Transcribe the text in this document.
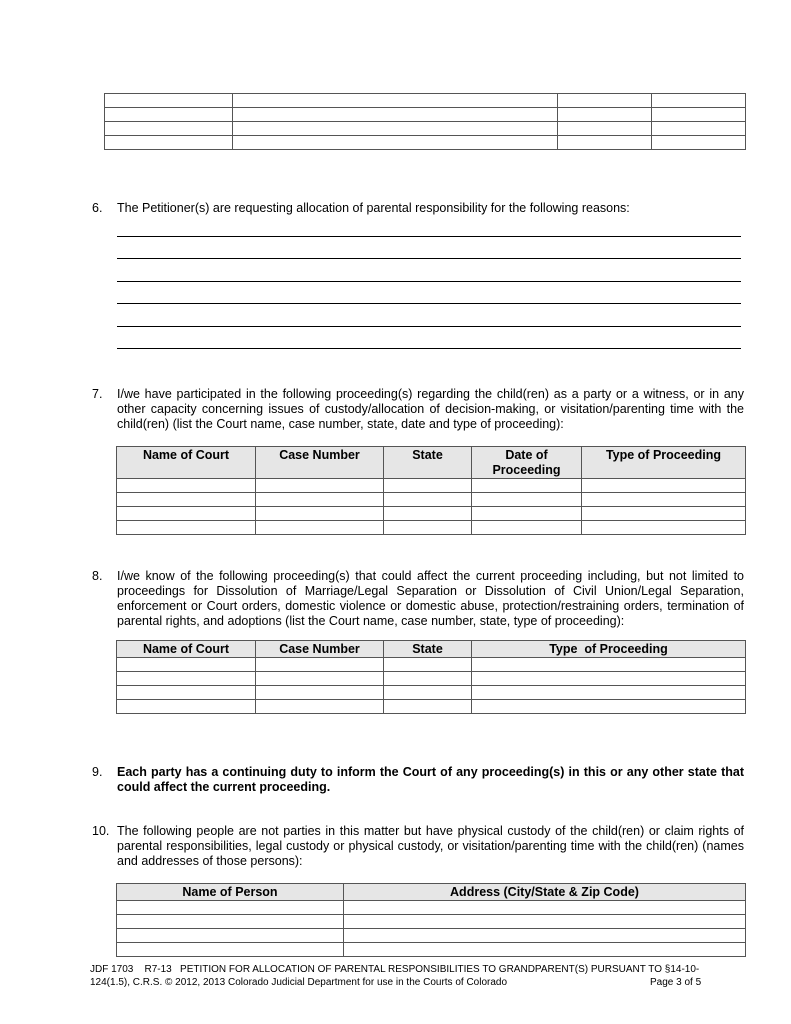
6. The Petitioner(s) are requesting allocation of parental responsibility for the following reasons:
7. I/we have participated in the following proceeding(s) regarding the child(ren) as a party or a witness, or in any other capacity concerning issues of custody/allocation of decision-making, or visitation/parenting time with the child(ren) (list the Court name, case number, state, date and type of proceeding):
Name of Court	Case Number	State	Date of Proceeding	Type of Proceeding

8. I/we know of the following proceeding(s) that could affect the current proceeding including, but not limited to proceedings for Dissolution of Marriage/Legal Separation or Dissolution of Civil Union/Legal Separation, enforcement or Court orders, domestic violence or domestic abuse, protection/restraining orders, termination of parental rights, and adoptions (list the Court name, case number, state, type of proceeding):
Name of Court	Case Number	State	Type  of Proceeding

9. Each party has a continuing duty to inform the Court of any proceeding(s) in this or any other state that could affect the current proceeding.
10. The following people are not parties in this matter but have physical custody of the child(ren) or claim rights of parental responsibilities, legal custody or physical custody, or visitation/parenting time with the child(ren) (names and addresses of those persons):
Name of Person	Address (City/State & Zip Code)

JDF 1703    R7-13   PETITION FOR ALLOCATION OF PARENTAL RESPONSIBILITIES TO GRANDPARENT(S) PURSUANT TO §14-10-
124(1.5), C.R.S. © 2012, 2013 Colorado Judicial Department for use in the Courts of Colorado	Page 3 of 5
